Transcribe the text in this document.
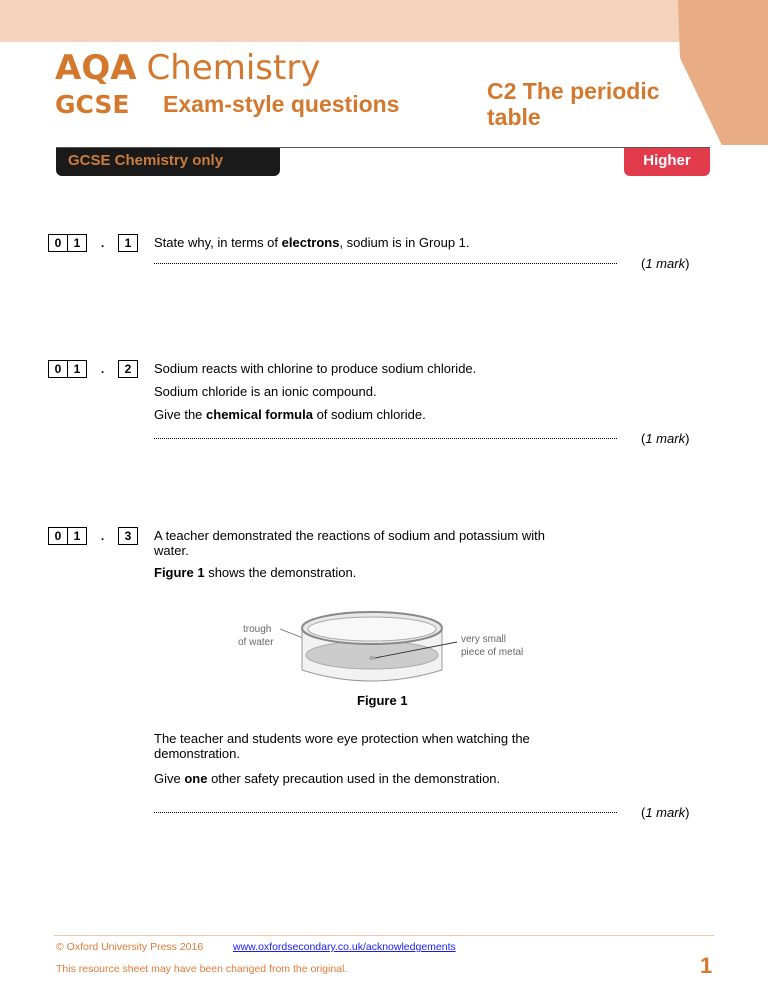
AQA Chemistry
GCSE Exam-style questions	C2 The periodic table
GCSE Chemistry only	Higher
0	1	.	1	State why, in terms of electrons, sodium is in Group 1.
(1 mark)
0	1	.	2	Sodium reacts with chlorine to produce sodium chloride.
Sodium chloride is an ionic compound.
Give the chemical formula of sodium chloride.
(1 mark)
0	1	.	3	A teacher demonstrated the reactions of sodium and potassium with water.
Figure 1 shows the demonstration.
trough
of water	very small
piece of metal
Figure 1
The teacher and students wore eye protection when watching the demonstration.
Give one other safety precaution used in the demonstration.
(1 mark)
© Oxford University Press 2016	www.oxfordsecondary.co.uk/acknowledgements
This resource sheet may have been changed from the original.	1
